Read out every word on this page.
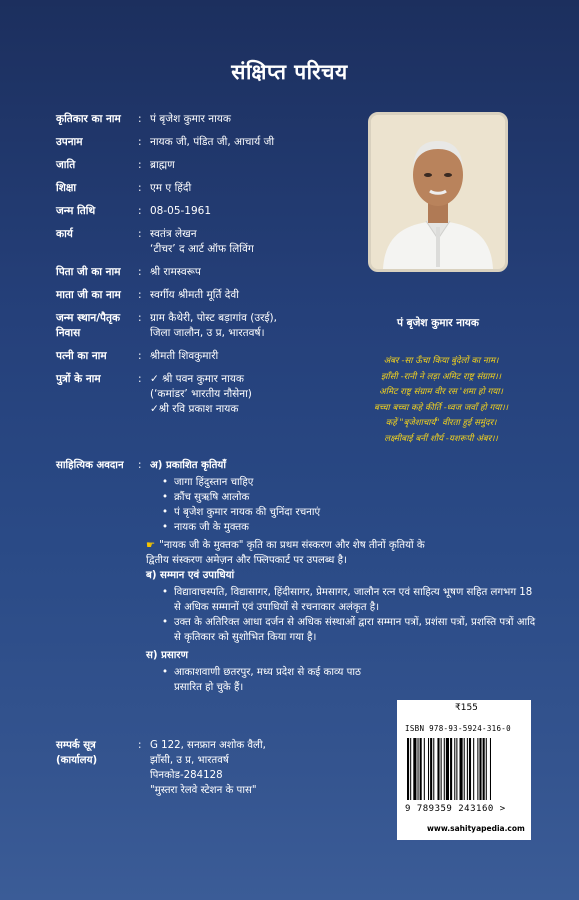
संक्षिप्त परिचय
कृतिकार का नाम	: पं बृजेश कुमार नायक
उपनाम	: नायक जी, पंडित जी, आचार्य जी
जाति	: ब्राह्मण
शिक्षा	: एम ए हिंदी
जन्म तिथि	: 08-05-1961
कार्य	: स्वतंत्र लेखन
‘टीचर’ द आर्ट ऑफ लिविंग
पिता जी का नाम	: श्री रामस्वरूप
माता जी का नाम	: स्वर्गीय श्रीमती मूर्ति देवी
जन्म स्थान/पैतृक निवास
: ग्राम कैथेरी, पोस्ट बड़ागांव (उरई),
जिला जालौन, उ प्र, भारतवर्ष।
पत्नी का नाम	: श्रीमती शिवकुमारी
पुत्रों के नाम	: ✓ श्री पवन कुमार नायक
(‘कमांडर’ भारतीय नौसेना)
✓श्री रवि प्रकाश नायक
पं बृजेश कुमार नायक
अंबर -सा ऊँचा किया बुंदेलों का नाम।
झाँसी -रानी ने लड़ा अमिट राष्ट्र संग्राम।।
अमिट राष्ट्र संग्राम वीर रस 'शमा हो गया।
बच्चा बच्चा कहे कीर्ति -ध्वज जवाँ हो गया।।
कहें "बृजेशाचार्य" वीरता हुई समुंदर।
लक्ष्मीबाई बनीं शौर्य -यशरूपी अंबर।।
साहित्यिक अवदान	: अ) प्रकाशित कृतियाँ
• जागा हिंदुस्तान चाहिए
• क्रौंच सुऋषि आलोक
• पं बृजेश कुमार नायक की चुनिंदा रचनाएं
• नायक जी के मुक्तक
☛ "नायक जी के मुक्तक" कृति का प्रथम संस्करण और शेष तीनों कृतियों के
द्वितीय संस्करण अमेज़न और फ्लिपकार्ट पर उपलब्ध है।
ब) सम्मान एवं उपाधियां
• विद्यावाचस्पति, विद्यासागर, हिंदीसागर, प्रेमसागर, जालौन रत्न एवं साहित्य भूषण सहित लगभग 18 से अधिक सम्मानों एवं उपाधियों से रचनाकार अलंकृत है।
• उक्त के अतिरिक्त आधा दर्जन से अधिक संस्थाओं द्वारा सम्मान पत्रों, प्रशंसा पत्रों, प्रशस्ति पत्रों आदि से कृतिकार को सुशोभित किया गया है।
स) प्रसारण
• आकाशवाणी छतरपुर, मध्य प्रदेश से कई काव्य पाठ प्रसारित हो चुके हैं।
सम्पर्क सूत्र (कार्यालय)
: G 122, सनफ्रान अशोक वैली,
झाँसी, उ प्र, भारतवर्ष
पिनकोड-284128
"मुस्तरा रेलवे स्टेशन के पास"
₹155
ISBN 978-93-5924-316-0
9 789359 243160 >
www.sahityapedia.com
